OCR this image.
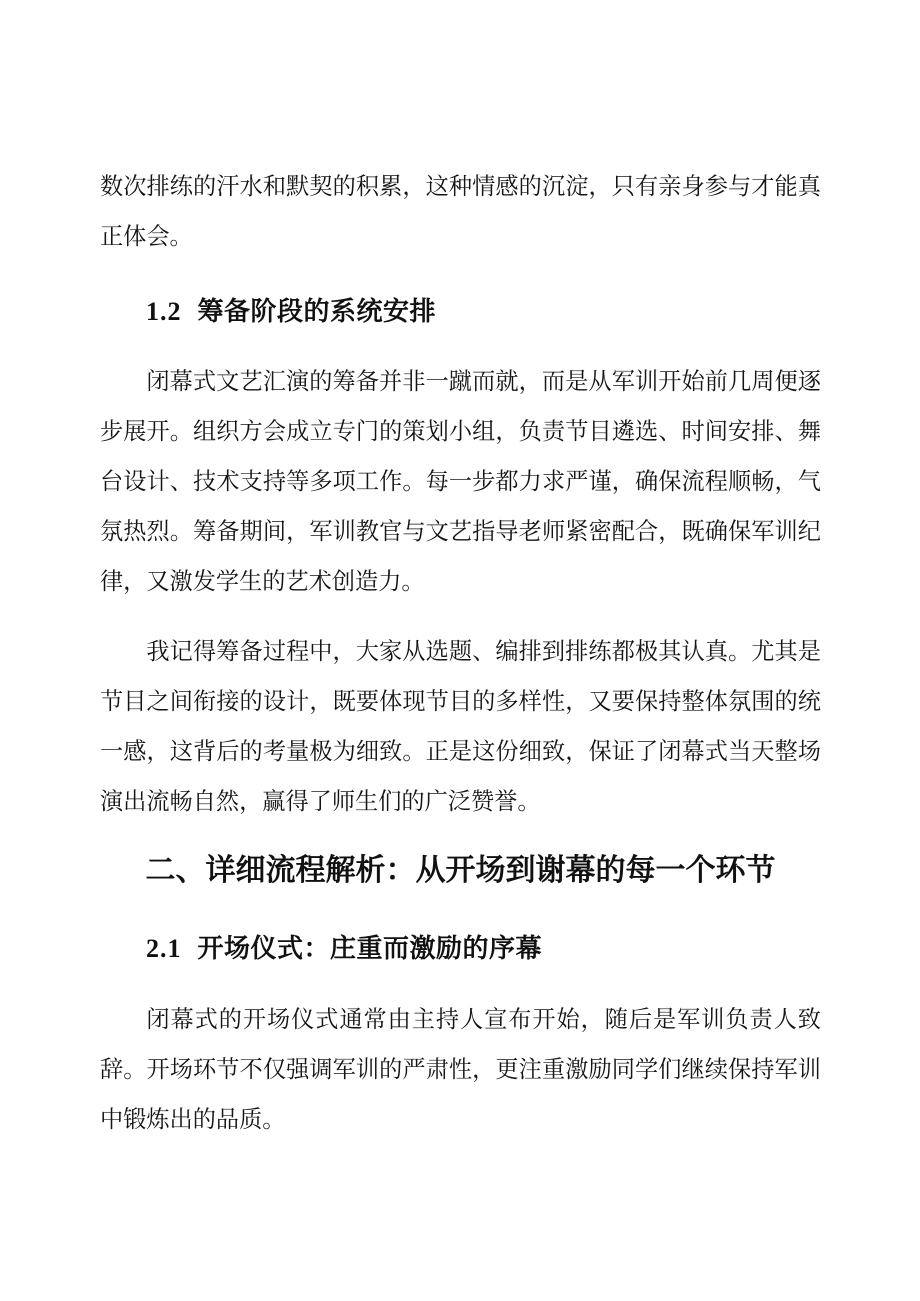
数次排练的汗水和默契的积累，这种情感的沉淀，只有亲身参与才能真正体会。

1.2 筹备阶段的系统安排

闭幕式文艺汇演的筹备并非一蹴而就，而是从军训开始前几周便逐步展开。组织方会成立专门的策划小组，负责节目遴选、时间安排、舞台设计、技术支持等多项工作。每一步都力求严谨，确保流程顺畅，气氛热烈。筹备期间，军训教官与文艺指导老师紧密配合，既确保军训纪律，又激发学生的艺术创造力。

我记得筹备过程中，大家从选题、编排到排练都极其认真。尤其是节目之间衔接的设计，既要体现节目的多样性，又要保持整体氛围的统一感，这背后的考量极为细致。正是这份细致，保证了闭幕式当天整场演出流畅自然，赢得了师生们的广泛赞誉。

二、详细流程解析：从开场到谢幕的每一个环节
2.1 开场仪式：庄重而激励的序幕

闭幕式的开场仪式通常由主持人宣布开始，随后是军训负责人致辞。开场环节不仅强调军训的严肃性，更注重激励同学们继续保持军训中锻炼出的品质。
